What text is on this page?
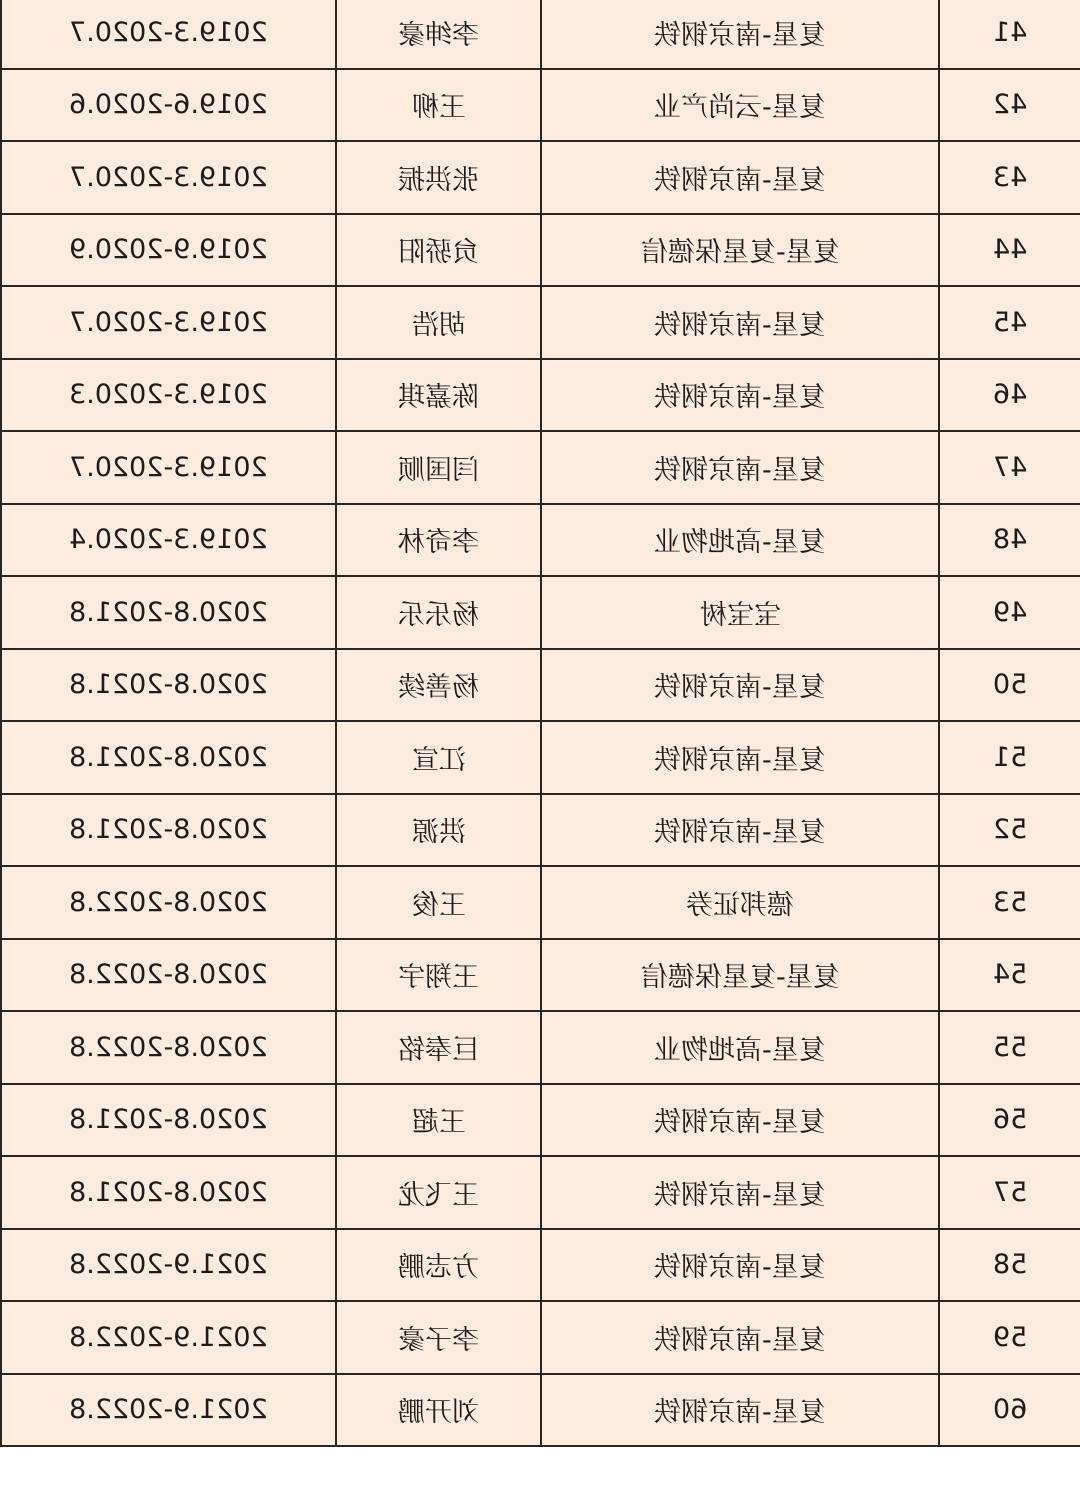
2019.3-2020.7	李绅豪	复星-南京钢铁	41
2019.6-2020.6	王柳	复星-云尚产业	42
2019.3-2020.7	张洪振	复星-南京钢铁	43
2019.9-2020.9	贠骄阳	复星-复星保德信	44
2019.3-2020.7	胡浩	复星-南京钢铁	45
2019.3-2020.3	陈嘉琪	复星-南京钢铁	46
2019.3-2020.7	闫国顺	复星-南京钢铁	47
2019.3-2020.4	李奇林	复星-高地物业	48
2020.8-2021.8	杨乐乐	宝宝树	49
2020.8-2021.8	杨善续	复星-南京钢铁	50
2020.8-2021.8	江宣	复星-南京钢铁	51
2020.8-2021.8	洪源	复星-南京钢铁	52
2020.8-2022.8	王俊	德邦证券	53
2020.8-2022.8	王翔宇	复星-复星保德信	54
2020.8-2022.8	巨奉铭	复星-高地物业	55
2020.8-2021.8	王超	复星-南京钢铁	56
2020.8-2021.8	王飞龙	复星-南京钢铁	57
2021.9-2022.8	方志鹏	复星-南京钢铁	58
2021.9-2022.8	李子豪	复星-南京钢铁	59
2021.9-2022.8	刘开鹏	复星-南京钢铁	60
